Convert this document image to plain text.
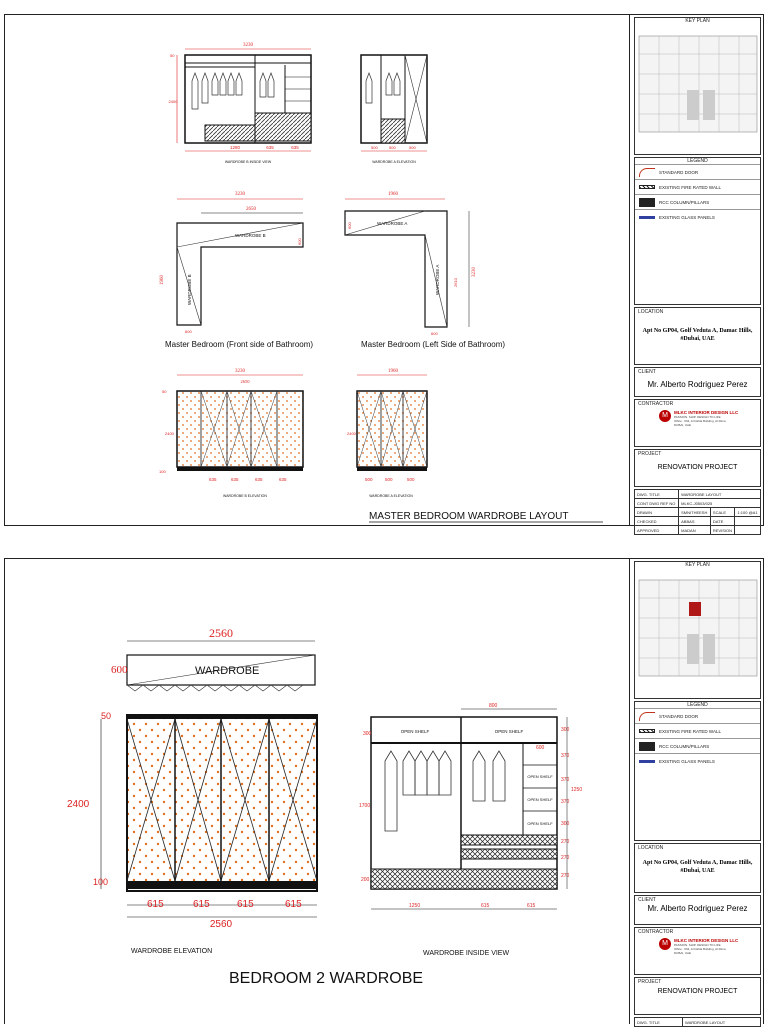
3230
2400
50
1280	635	635
WARDROBE B INSIDE VIEW
500	500	500
WARDROBE A ELEVATION
3230
2650
WARDROBE B
WARDROBE B
1960
600
600
Master Bedroom (Front side of Bathroom)
1960
WARDROBE A
WARDROBE A
600
2610
3230
600
Master Bedroom (Left Side of Bathroom)
3230
2650
50
2400
100
635	635	635	635
WARDROBE B ELEVATION
1960
2400
500	500	500
WARDROBE A ELEVATION
MASTER BEDROOM WARDROBE LAYOUT
KEY PLAN
LEGEND
STANDARD DOOR
EXISTING FIRE RATED WALL
RCC COLUMN/PILLARS
EXISTING GLASS PANELS
LOCATION
Apt No GP04, Golf Veduta A, Damac Hills, #Dubai, UAE
CLIENT
Mr. Alberto Rodriguez Perez
CONTRACTOR
M	MLKC INTERIOR DESIGN LLC
PASSION. SHIP. DESIGN TO LIFE
Office : 604, Al Nahla Building, Al Rima
DUBAI, UAE
PROJECT
RENOVATION PROJECT
DWG. TITLE	WARDROBE LAYOUT		
CONT DWG REF NO	MLKC-J0503/025		
DRAWN	SMNITHEESH	SCALE	1:100 @A1
CHECKED	ABBAS	DATE	
APPROVED	MADAN	REVISION	
2560
WARDROBE
600
50
2400
100
615	615	615	615
2560
WARDROBE ELEVATION
800
OPEN SHELF	OPEN SHELF
OPEN SHELF
OPEN SHELF
OPEN SHELF
600
300
1700
200
300
370
370
370
300
270
270
270
1250
1250	615	615
WARDROBE INSIDE VIEW
BEDROOM 2 WARDROBE
KEY PLAN
LEGEND
STANDARD DOOR
EXISTING FIRE RATED WALL
RCC COLUMN/PILLARS
EXISTING GLASS PANELS
LOCATION
Apt No GP04, Golf Veduta A, Damac Hills, #Dubai, UAE
CLIENT
Mr. Alberto Rodriguez Perez
CONTRACTOR
M	MLKC INTERIOR DESIGN LLC
PASSION. SHIP. DESIGN TO LIFE
Office : 604, Al Nahla Building, Al Rima
DUBAI, UAE
PROJECT
RENOVATION PROJECT
DWG. TITLE	WARDROBE LAYOUT
